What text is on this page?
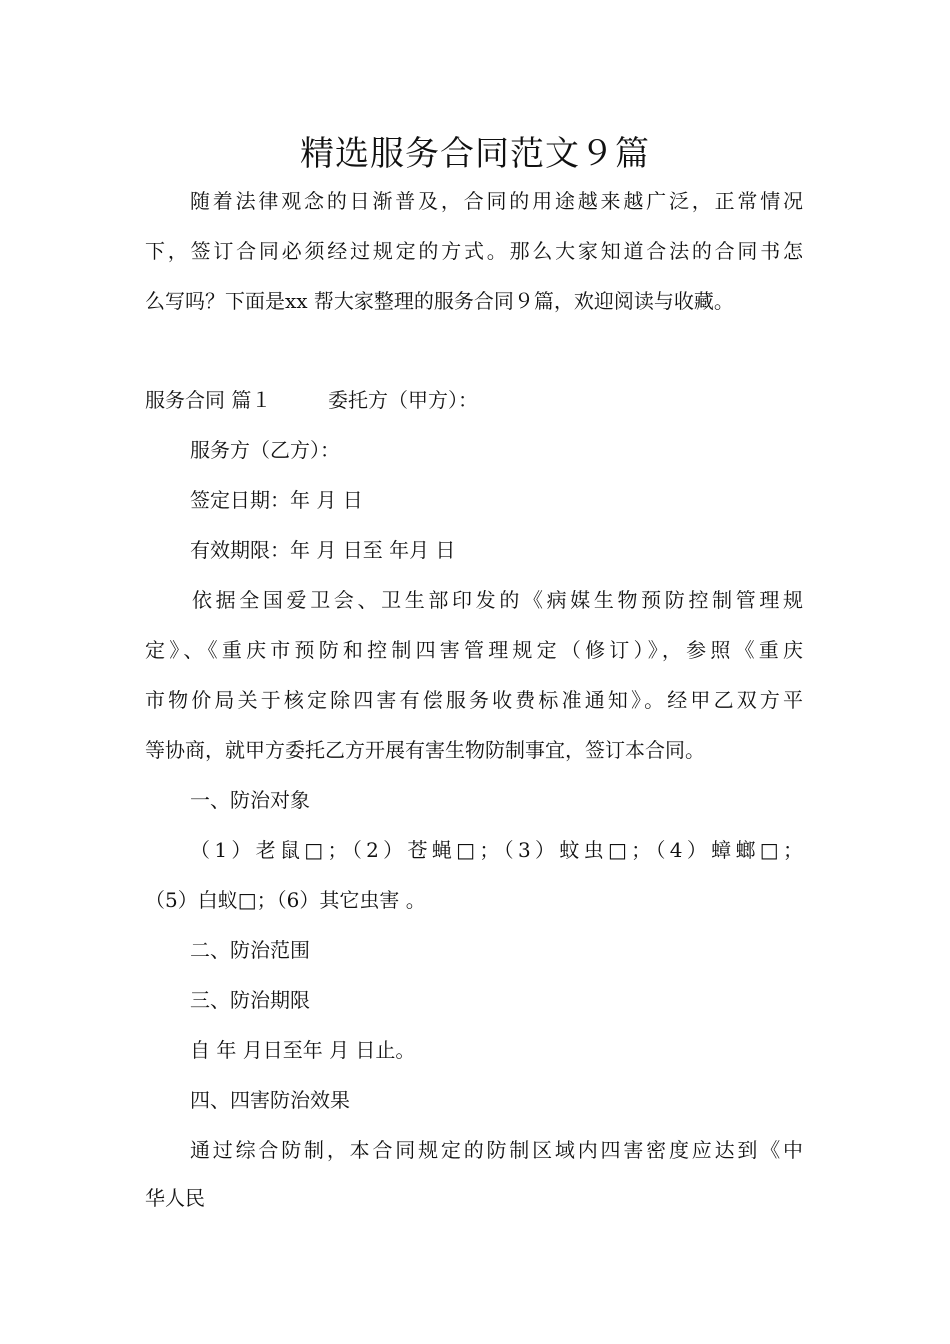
精选服务合同范文９篇
随着法律观念的日渐普及，合同的用途越来越广泛，正常情况
下，签订合同必须经过规定的方式。那么大家知道合法的合同书怎
么写吗？下面是xx 帮大家整理的服务合同９篇，欢迎阅读与收藏。
服务合同 篇１	委托方（甲方）：
服务方（乙方）：
签定日期：年 月 日
有效期限：年 月 日至 年月 日
依据全国爱卫会、卫生部印发的《病媒生物预防控制管理规
定》、《重庆市预防和控制四害管理规定（修订）》，参照《重庆
市物价局关于核定除四害有偿服务收费标准通知》。经甲乙双方平
等协商，就甲方委托乙方开展有害生物防制事宜，签订本合同。
一、防治对象
（1）老鼠□；（2）苍蝇□；（3）蚊虫□；（4）蟑螂□；
（5）白蚁□；（6）其它虫害 。
二、防治范围
三、防治期限
自 年 月日至年 月 日止。
四、四害防治效果
通过综合防制，本合同规定的防制区域内四害密度应达到《中
华人民
